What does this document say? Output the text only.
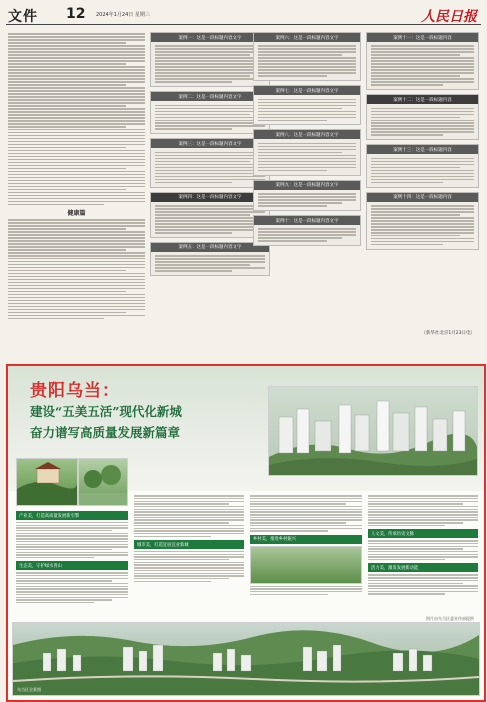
文件 12 2024年1月24日 星期三	人民日报
健康篇
案例一：这是一段标题内容文字
案例二：这是一段标题内容文字
案例三：这是一段标题内容文字
案例四：这是一段标题内容文字
案例五：这是一段标题内容文字
案例六：这是一段标题内容文字
案例七：这是一段标题内容文字
案例八：这是一段标题内容文字
案例九：这是一段标题内容文字
案例十：这是一段标题内容文字
案例十一：这是一段标题内容
案例十二：这是一段标题内容
案例十三：这是一段标题内容
案例十四：这是一段标题内容
（新华社北京1月23日电）
贵阳乌当：
建设“五美五活”现代化新城
奋力谱写高质量发展新篇章
产业美，打造高质量发展新引擎
生态美，守护绿水青山
城市美，打造宜居宜业新城
乡村美，推进乡村振兴
人文美，传承历史文脉
活力美，激发发展新动能
乌当区全景图
图片由乌当区委宣传部提供
